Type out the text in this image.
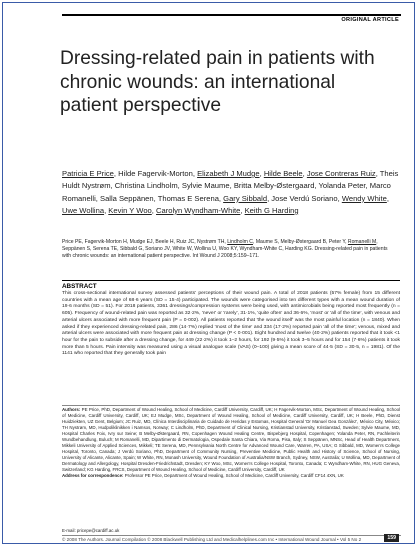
ORIGINAL ARTICLE
Dressing-related pain in patients with chronic wounds: an international patient perspective

Patricia E Price, Hilde Fagervik-Morton, Elizabeth J Mudge, Hilde Beele, Jose Contreras Ruiz, Theis Huldt Nystrøm, Christina Lindholm, Sylvie Maume, Britta Melby-Østergaard, Yolanda Peter, Marco Romanelli, Salla Seppänen, Thomas E Serena, Gary Sibbald, Jose Verdú Soriano, Wendy White, Uwe Wollina, Kevin Y Woo, Carolyn Wyndham-White, Keith G Harding

Price PE, Fagervik-Morton H, Mudge EJ, Beele H, Ruiz JC, Nystrøm TH, Lindholm C, Maume S, Melby-Østergaard B, Peter Y, Romanelli M, Seppänen S, Serena TE, Sibbald G, Soriano JV, White W, Wollina U, Woo KY, Wyndham-White C, Harding KG. Dressing-related pain in patients with chronic wounds: an international patient perspective. Int Wound J 2008;5:159–171.

ABSTRACT

This cross-sectional international survey assessed patients' perceptions of their wound pain. A total of 2018 patients (57% female) from 15 different countries with a mean age of 68·6 years (SD = 15·4) participated. The wounds were categorised into ten different types with a mean wound duration of 19·6 months (SD = 51). For 2018 patients, 3361 dressings/compression systems were being used, with antimicrobials being reported most frequently (n = 605). Frequency of wound-related pain was reported as 32·2%, 'never' or 'rarely', 31·1%, 'quite often' and 36·6%, 'most' or 'all of the time', with venous and arterial ulcers associated with more frequent pain (P = 0·002). All patients reported that 'the wound itself' was the most painful location (n = 1840). When asked if they experienced dressing-related pain, 286 (14·7%) replied 'most of the time' and 334 (17·2%) reported pain 'all of the time'; venous, mixed and arterial ulcers were associated with more frequent pain at dressing change (P < 0·001). Eight hundred and twelve (40·2%) patients reported that it took <1 hour for the pain to subside after a dressing change, for 449 (22·2%) it took 1–2 hours, for 192 (9·5%) it took 3–5 hours and for 154 (7·6%) patients it took more than 5 hours. Pain intensity was measured using a visual analogue scale (VAS) (0–100) giving a mean score of 44·5 (SD = 30·5, n = 1981). Of the 1141 who reported that they generally took pain

Authors: PE Price, PhD, Department of Wound Healing, School of Medicine, Cardiff University, Cardiff, UK; H Fagervik-Morton, MSc, Department of Wound Healing, School of Medicine, Cardiff University, Cardiff, UK; EJ Mudge, MSc, Department of Wound Healing, School of Medicine, Cardiff University, Cardiff, UK; H Beele, PhD, Dienst Huidziekten, UZ Gent, Belgium; JC Ruiz, MD, Clínica Interdisciplinaria de Cuidado de Heridas y Estomas, Hospital General 'Dr Manuel Gea González', México City, México; TH Nystrøm, MD, Hudpoliklinikken i Namsos, Norway; C Lindholm, PhD, Department of Clinical Nursing, Kristianstad University, Kristianstad, Sweden; Sylvie Maume, MD, Hospital Charles Foix, Ivry sur Seine; B Melby-Østergaard, RN, Copenhagen Wound Healing Centre, Bispebjerg Hospital, Copenhagen; Yolanda Peter, RN, Fachleiterin Wundbehandlung, Buluch; M Romanelli, MD, Dipartimento di Dermatologia, Ospedale Santa Chiara, Via Roma, Pisa, Italy; S Seppänen, MNSc, Head of Health Department, Mikkeli University of Applied Sciences, Mikkeli; TE Serena, MD, Pennsylvania North Centre for Advanced Wound Care, Warren, PA, USA; G Sibbald, MD, Women's College Hospital, Toronto, Canada; J Verdú Soriano, PhD, Department of Community Nursing, Preventive Medicine, Public Health and History of Science, School of Nursing, University of Alicante, Alicante, Spain; W White, RN, Monash University, Wound Foundation of Australia/NSW Branch, Sydney, NSW, Australia; U Wollina, MD, Department of Dermatology and Allergology, Hospital Dresden-Friedrichstadt, Dresden; KY Woo, MSc, Women's College Hospital, Toronto, Canada; C Wyndham-White, RN, HUG Geneva, Switzerland; KG Harding, FRCS, Department of Wound Healing, School of Medicine, Cardiff University, Cardiff, UK
Address for correspondence: Professor PE Price, Department of Wound Healing, School of Medicine, Cardiff University, Cardiff CF14 4XN, UK

E-mail: pricepe@cardiff.ac.uk
© 2008 The Authors. Journal Compilation © 2008 Blackwell Publishing Ltd and Medicalhelplines.com Inc • International Wound Journal • Vol 5 No 2	159
